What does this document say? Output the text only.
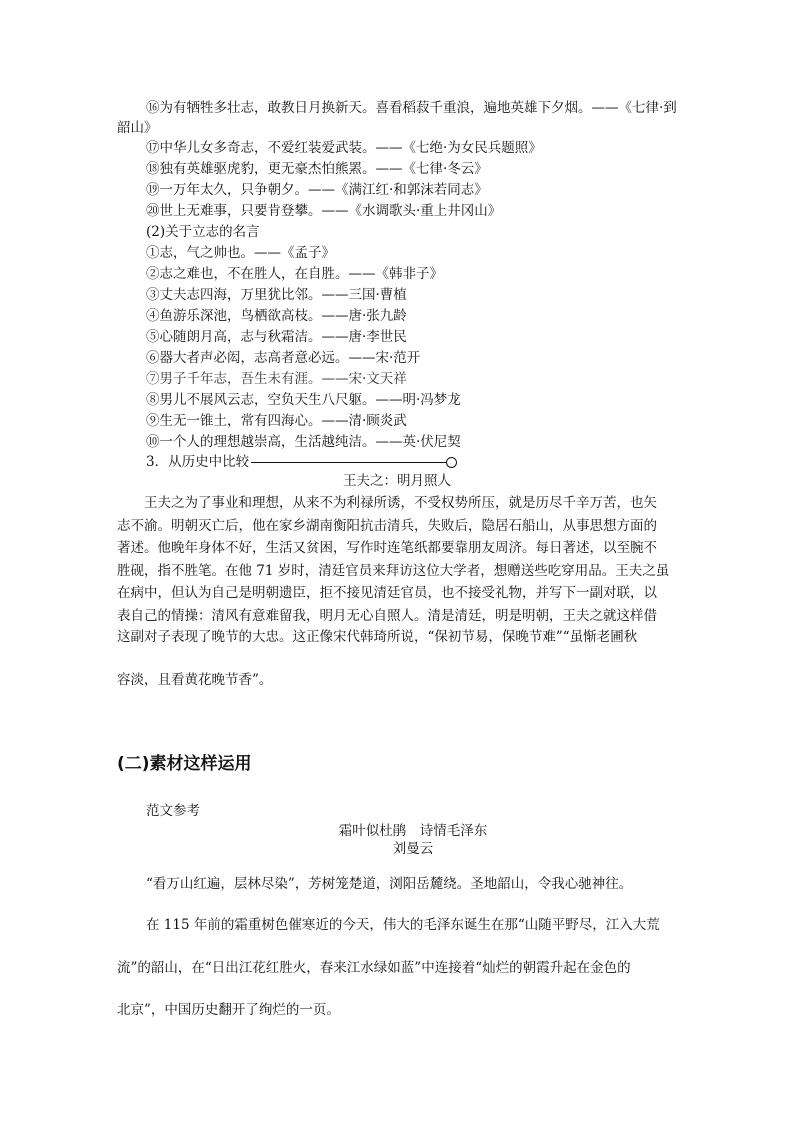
⑯为有牺牲多壮志，敢教日月换新天。喜看稻菽千重浪，遍地英雄下夕烟。——《七律·到
韶山》
⑰中华儿女多奇志，不爱红装爱武装。——《七绝·为女民兵题照》
⑱独有英雄驱虎豹，更无豪杰怕熊罴。——《七律·冬云》
⑲一万年太久，只争朝夕。——《满江红·和郭沫若同志》
⑳世上无难事，只要肯登攀。——《水调歌头·重上井冈山》
(2)关于立志的名言
①志，气之帅也。——《孟子》
②志之难也，不在胜人，在自胜。——《韩非子》
③丈夫志四海，万里犹比邻。——三国·曹植
④鱼游乐深池，鸟栖欲高枝。——唐·张九龄
⑤心随朗月高，志与秋霜洁。——唐·李世民
⑥器大者声必闳，志高者意必远。——宋·范开
⑦男子千年志，吾生未有涯。——宋·文天祥
⑧男儿不展风云志，空负天生八尺躯。——明·冯梦龙
⑨生无一锥土，常有四海心。——清·顾炎武
⑩一个人的理想越崇高，生活越纯洁。——英·伏尼契
3．从历史中比较
王夫之：明月照人
王夫之为了事业和理想，从来不为利禄所诱，不受权势所压，就是历尽千辛万苦，也矢
志不渝。明朝灭亡后，他在家乡湖南衡阳抗击清兵，失败后，隐居石船山，从事思想方面的
著述。他晚年身体不好，生活又贫困，写作时连笔纸都要靠朋友周济。每日著述，以至腕不
胜砚，指不胜笔。在他 71 岁时，清廷官员来拜访这位大学者，想赠送些吃穿用品。王夫之虽
在病中，但认为自己是明朝遗臣，拒不接见清廷官员，也不接受礼物，并写下一副对联，以
表自己的情操：清风有意难留我，明月无心自照人。清是清廷，明是明朝，王夫之就这样借
这副对子表现了晚节的大忠。这正像宋代韩琦所说，“保初节易，保晚节难”“虽惭老圃秋
容淡，且看黄花晚节香”。
(二)素材这样运用
范文参考
霜叶似杜鹃　诗情毛泽东
刘曼云
“看万山红遍，层林尽染”，芳树笼楚道，浏阳岳麓绕。圣地韶山，令我心驰神往。
在 115 年前的霜重树色催寒近的今天，伟大的毛泽东诞生在那“山随平野尽，江入大荒
流”的韶山，在“日出江花红胜火，春来江水绿如蓝”中连接着“灿烂的朝霞升起在金色的
北京”，中国历史翻开了绚烂的一页。
